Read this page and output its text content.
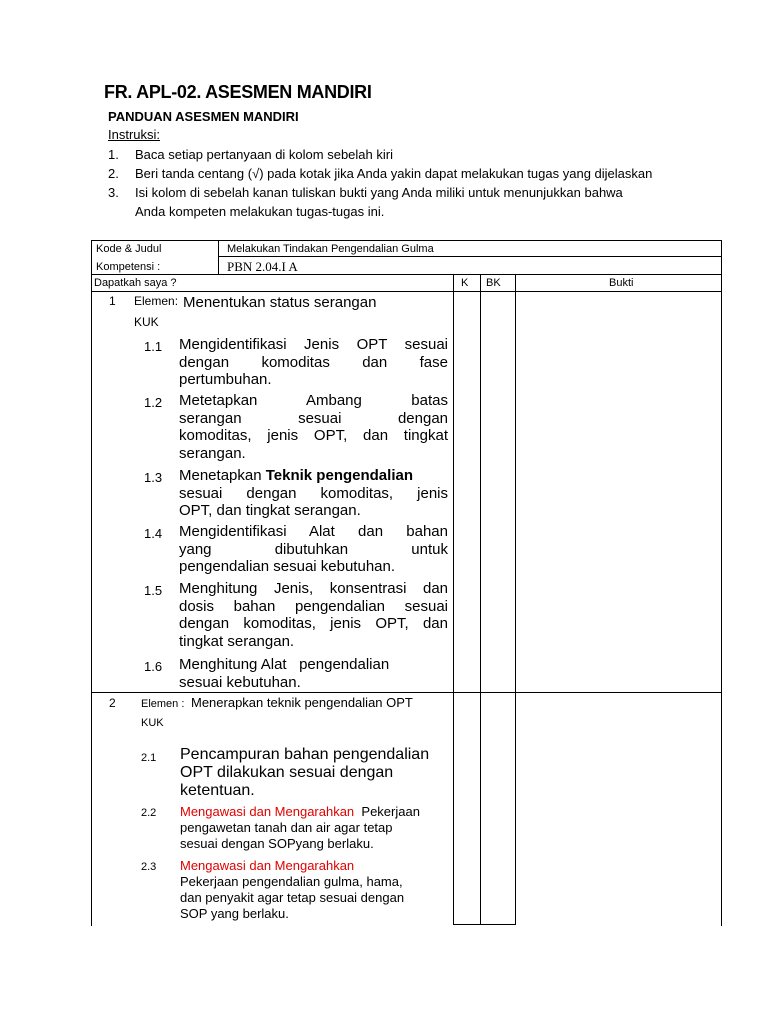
FR. APL-02. ASESMEN MANDIRI
PANDUAN ASESMEN MANDIRI
Instruksi:
1. Baca setiap pertanyaan di kolom sebelah kiri
2. Beri tanda centang (√) pada kotak jika Anda yakin dapat melakukan tugas yang dijelaskan
3. Isi kolom di sebelah kanan tuliskan bukti yang Anda miliki untuk menunjukkan bahwa
Anda kompeten melakukan tugas-tugas ini.
Kode & Judul
Kompetensi :
Melakukan Tindakan Pengendalian Gulma
PBN 2.04.I A
Dapatkah saya ?	K BK	Bukti
1 Elemen: Menentukan status serangan
KUK
1.1 Mengidentifikasi Jenis OPT sesuai
dengan komoditas dan fase
pertumbuhan.
1.2 Metetapkan Ambang batas
serangan sesuai dengan
komoditas, jenis OPT, dan tingkat
serangan.
1.3 Menetapkan Teknik pengendalian
sesuai dengan komoditas, jenis
OPT, dan tingkat serangan.
1.4 Mengidentifikasi Alat dan bahan
yang dibutuhkan untuk
pengendalian sesuai kebutuhan.
1.5 Menghitung Jenis, konsentrasi dan
dosis bahan pengendalian sesuai
dengan komoditas, jenis OPT, dan
tingkat serangan.
1.6 Menghitung Alat   pengendalian
sesuai kebutuhan.
2 Elemen : Menerapkan teknik pengendalian OPT
KUK
2.1 Pencampuran bahan pengendalian
OPT dilakukan sesuai dengan
ketentuan.
2.2 Mengawasi dan Mengarahkan  Pekerjaan
pengawetan tanah dan air agar tetap
sesuai dengan SOPyang berlaku.
2.3 Mengawasi dan Mengarahkan
Pekerjaan pengendalian gulma, hama,
dan penyakit agar tetap sesuai dengan
SOP yang berlaku.
